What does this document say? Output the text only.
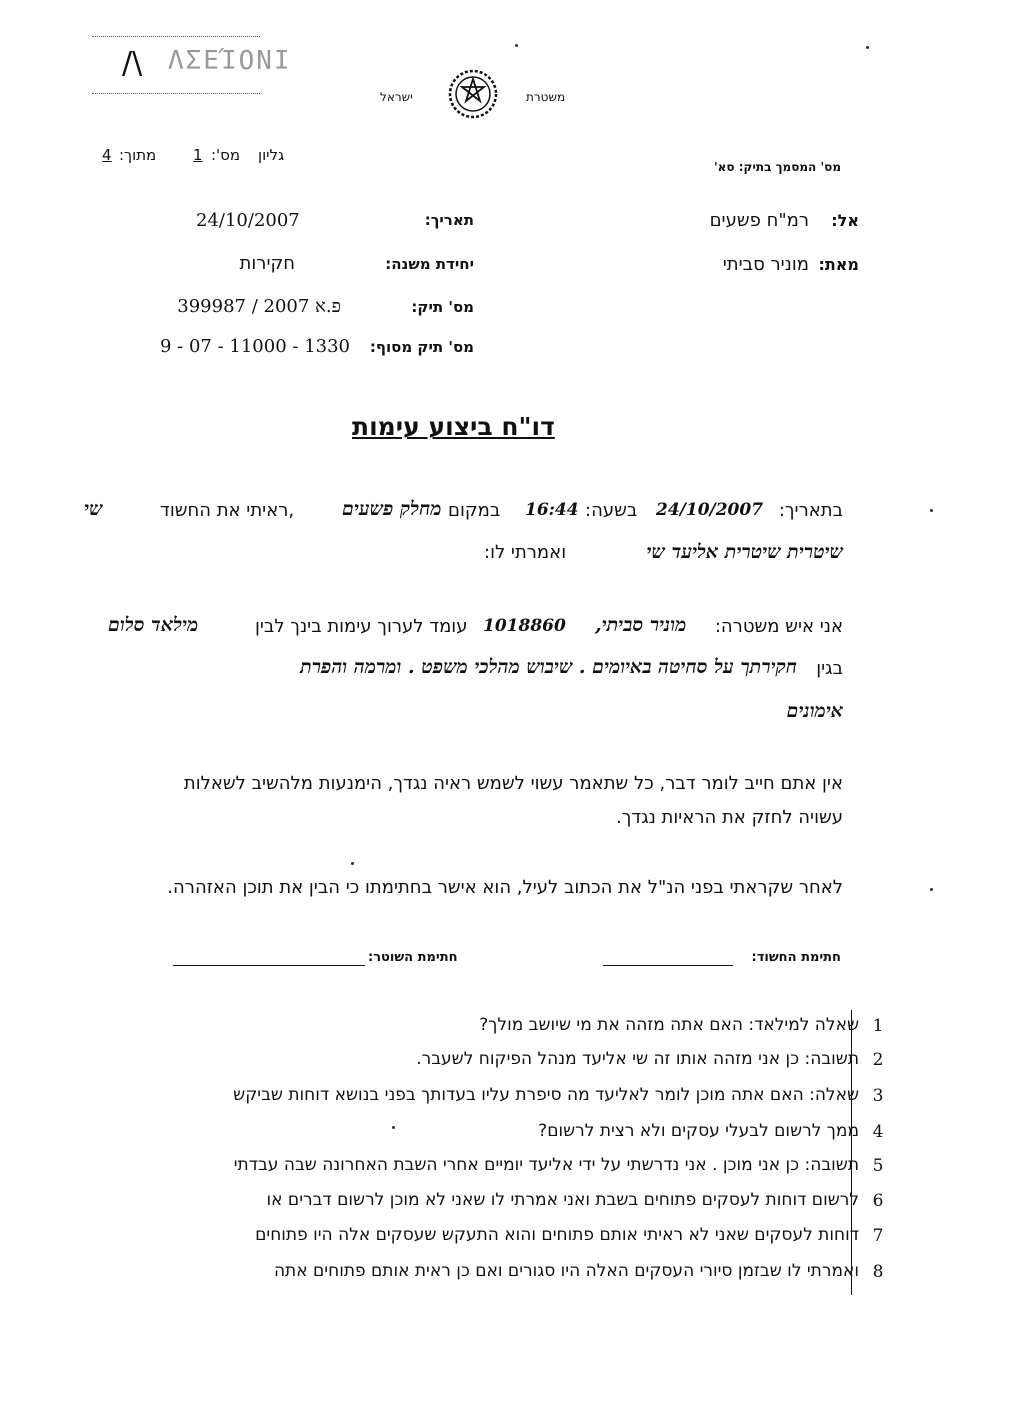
/\ ΛΣΕΊΟΝΙ
משטרת
ישראל
גליון
מס':
1
מתוך:
4
מס' המסמך בתיק: סא'
אל:
רמ"ח פשעים
מאת:
מוניר סביתי
תאריך:
24/10/2007
יחידת משנה:
חקירות
מס' תיק:
פ.א 2007 / 399987
מס' תיק מסוף:
9 - 07 - 11000 - 1330
דו"ח ביצוע עימות
בתאריך:
24/10/2007
בשעה:
16:44
במקום
מחלק פשעים
,ראיתי את החשוד
שי
שיטרית שיטרית אליעד שי
ואמרתי לו:
אני איש משטרה:
מוניר סביתי,
1018860
עומד לערוך עימות בינך לבין
מילאד סלום
בגין
חקירתך על סחיטה באיומים . שיבוש מהלכי משפט . ומרמה והפרת
אימונים
אין אתם חייב לומר דבר, כל שתאמר עשוי לשמש ראיה נגדך, הימנעות מלהשיב לשאלות
עשויה לחזק את הראיות נגדך.
לאחר שקראתי בפני הנ"ל את הכתוב לעיל, הוא אישר בחתימתו כי הבין את תוכן האזהרה.
חתימת החשוד:
חתימת השוטר:
1
שאלה למילאד: האם אתה מזהה את מי שיושב מולך?
2
תשובה: כן אני מזהה אותו זה שי אליעד מנהל הפיקוח לשעבר.
3
שאלה: האם אתה מוכן לומר לאליעד מה סיפרת עליו בעדותך בפני בנושא דוחות שביקש
4
ממך לרשום לבעלי עסקים ולא רצית לרשום?
5
תשובה: כן אני מוכן . אני נדרשתי על ידי אליעד יומיים אחרי השבת האחרונה שבה עבדתי
6
לרשום דוחות לעסקים פתוחים בשבת ואני אמרתי לו שאני לא מוכן לרשום דברים או
7
דוחות לעסקים שאני לא ראיתי אותם פתוחים והוא התעקש שעסקים אלה היו פתוחים
8
ואמרתי לו שבזמן סיורי העסקים האלה היו סגורים ואם כן ראית אותם פתוחים אתה
